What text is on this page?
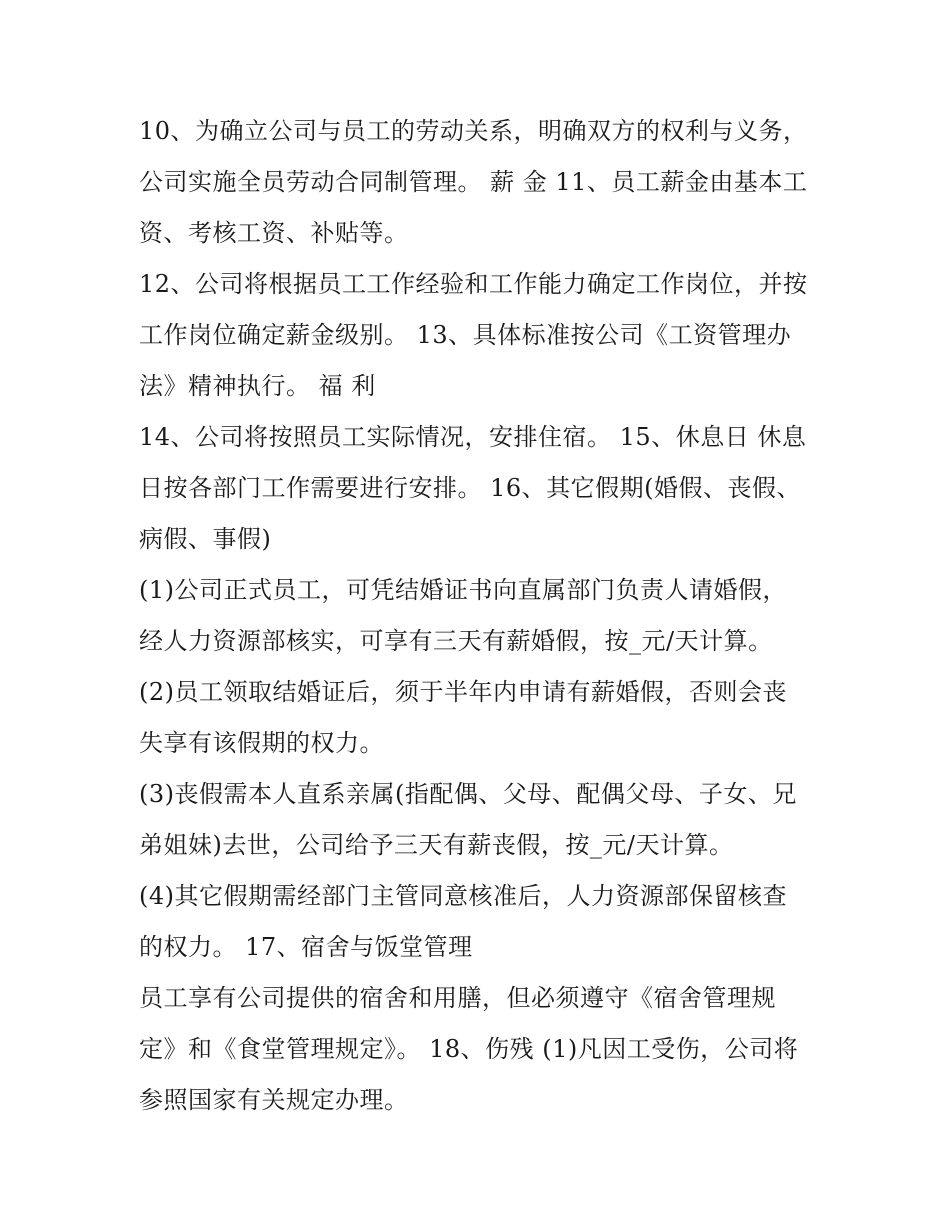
10、为确立公司与员工的劳动关系，明确双方的权利与义务，
公司实施全员劳动合同制管理。 薪 金 11、员工薪金由基本工
资、考核工资、补贴等。
12、公司将根据员工工作经验和工作能力确定工作岗位，并按
工作岗位确定薪金级别。 13、具体标准按公司《工资管理办
法》精神执行。 福 利
14、公司将按照员工实际情况，安排住宿。 15、休息日 休息
日按各部门工作需要进行安排。 16、其它假期(婚假、丧假、
病假、事假)
(1)公司正式员工，可凭结婚证书向直属部门负责人请婚假，
经人力资源部核实，可享有三天有薪婚假，按_元/天计算。
(2)员工领取结婚证后，须于半年内申请有薪婚假，否则会丧
失享有该假期的权力。
(3)丧假需本人直系亲属(指配偶、父母、配偶父母、子女、兄
弟姐妹)去世，公司给予三天有薪丧假，按_元/天计算。
(4)其它假期需经部门主管同意核准后，人力资源部保留核查
的权力。 17、宿舍与饭堂管理
员工享有公司提供的宿舍和用膳，但必须遵守《宿舍管理规
定》和《食堂管理规定》。 18、伤残 (1)凡因工受伤，公司将
参照国家有关规定办理。
